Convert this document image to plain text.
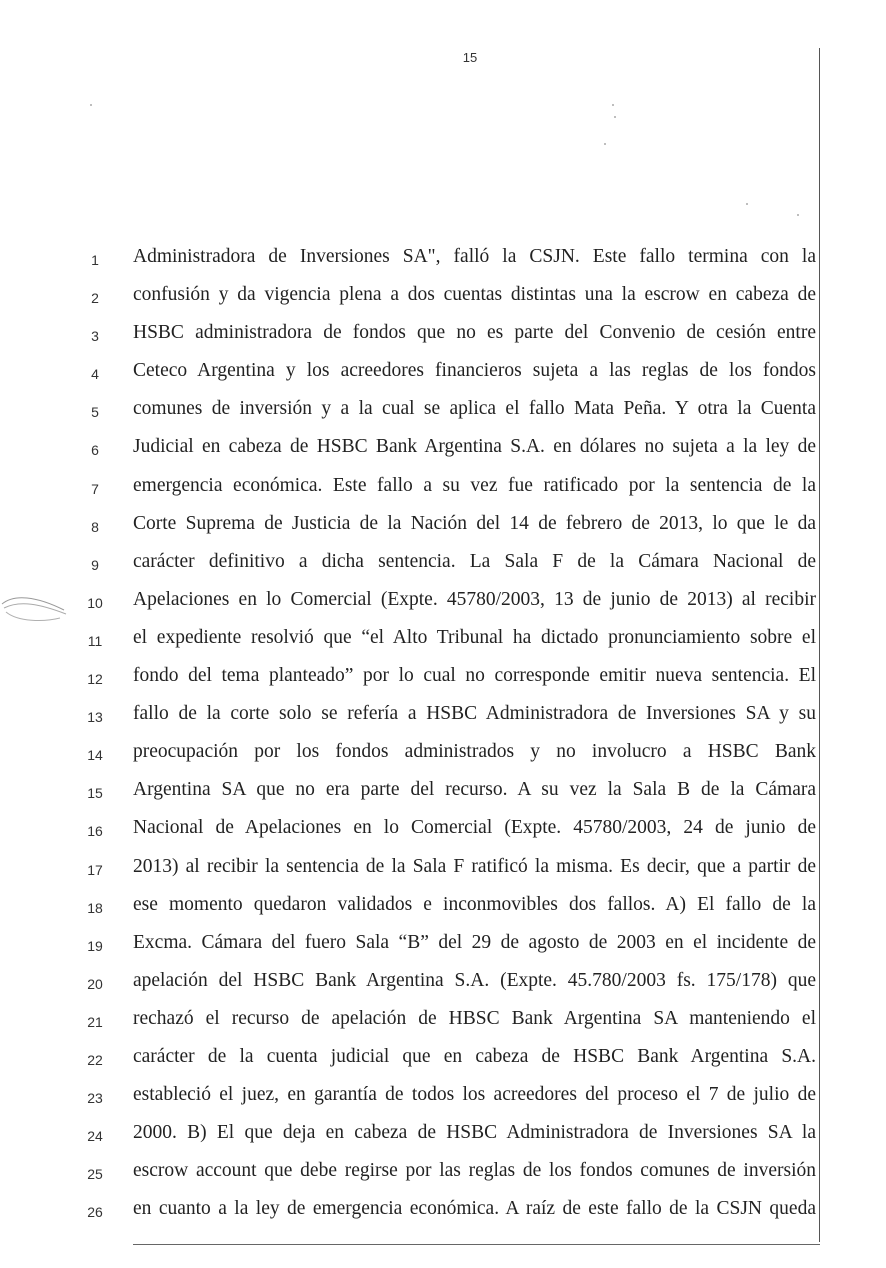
15
1
2
3
4
5
6
7
8
9
10
11
12
13
14
15
16
17
18
19
20
21
22
23
24
25
26
Administradora de Inversiones SA", falló la CSJN. Este fallo termina con la
confusión y da vigencia plena a dos cuentas distintas una la escrow en cabeza de
HSBC administradora de fondos que no es parte del Convenio de cesión entre
Ceteco Argentina y los acreedores financieros sujeta a las reglas de los fondos
comunes de inversión y a la cual se aplica el fallo Mata Peña. Y otra la Cuenta
Judicial en cabeza de HSBC Bank Argentina S.A. en dólares no sujeta a la ley de
emergencia económica. Este fallo a su vez fue ratificado por la sentencia de la
Corte Suprema de Justicia de la Nación del 14 de febrero de 2013, lo que le da
carácter definitivo a dicha sentencia. La Sala F de la Cámara Nacional de
Apelaciones en lo Comercial (Expte. 45780/2003, 13 de junio de 2013) al recibir
el expediente resolvió que “el Alto Tribunal ha dictado pronunciamiento sobre el
fondo del tema planteado” por lo cual no corresponde emitir nueva sentencia. El
fallo de la corte solo se refería a HSBC Administradora de Inversiones SA y su
preocupación por los fondos administrados y no involucro a HSBC Bank
Argentina SA que no era parte del recurso. A su vez la Sala B de la Cámara
Nacional de Apelaciones en lo Comercial (Expte. 45780/2003, 24 de junio de
2013) al recibir la sentencia de la Sala F ratificó la misma. Es decir, que a partir de
ese momento quedaron validados e inconmovibles dos fallos. A) El fallo de la
Excma. Cámara del fuero Sala “B” del 29 de agosto de 2003 en el incidente de
apelación del HSBC Bank Argentina S.A. (Expte. 45.780/2003 fs. 175/178) que
rechazó el recurso de apelación de HBSC Bank Argentina SA manteniendo el
carácter de la cuenta judicial que en cabeza de HSBC Bank Argentina S.A.
estableció el juez, en garantía de todos los acreedores del proceso el 7 de julio de
2000. B) El que deja en cabeza de HSBC Administradora de Inversiones SA la
escrow account que debe regirse por las reglas de los fondos comunes de inversión
en cuanto a la ley de emergencia económica. A raíz de este fallo de la CSJN queda
